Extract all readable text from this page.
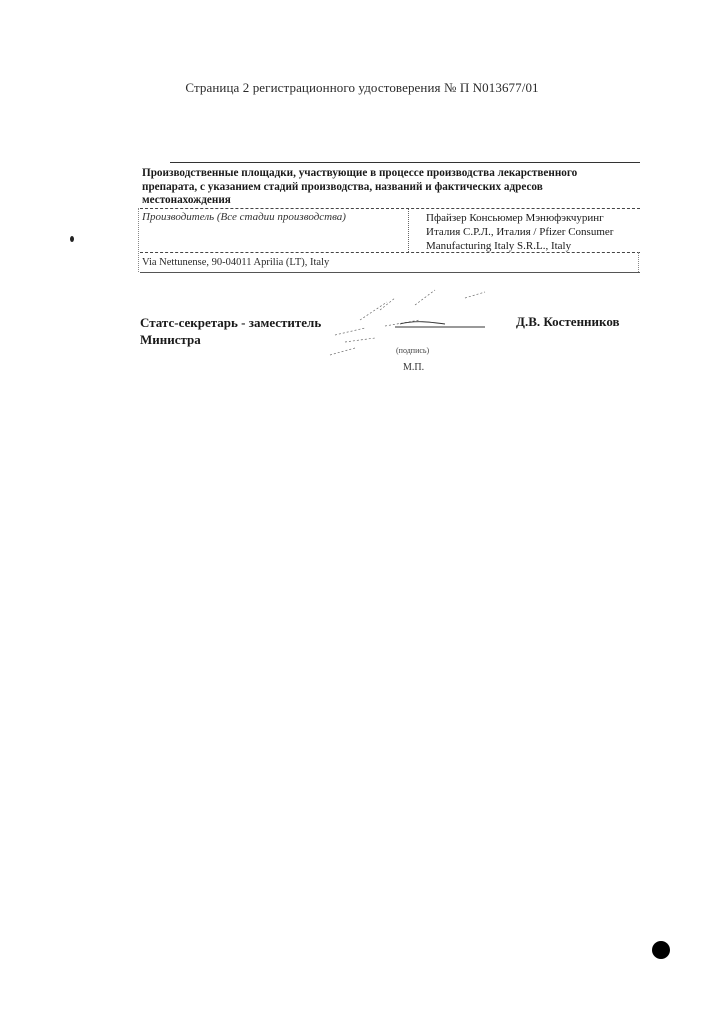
Страница 2 регистрационного удостоверения № П N013677/01
Производственные площадки, участвующие в процессе производства лекарственного препарата, с указанием стадий производства, названий и фактических адресов местонахождения
Производитель (Все стадии производства)	Пфайзер Консьюмер Мэнюфэкчуринг Италия С.Р.Л., Италия / Pfizer Consumer Manufacturing Italy S.R.L., Italy
Via Nettunense, 90-04011 Aprilia (LT), Italy
Статс-секретарь - заместитель Министра
Д.В. Костенников
(подпись)
М.П.
